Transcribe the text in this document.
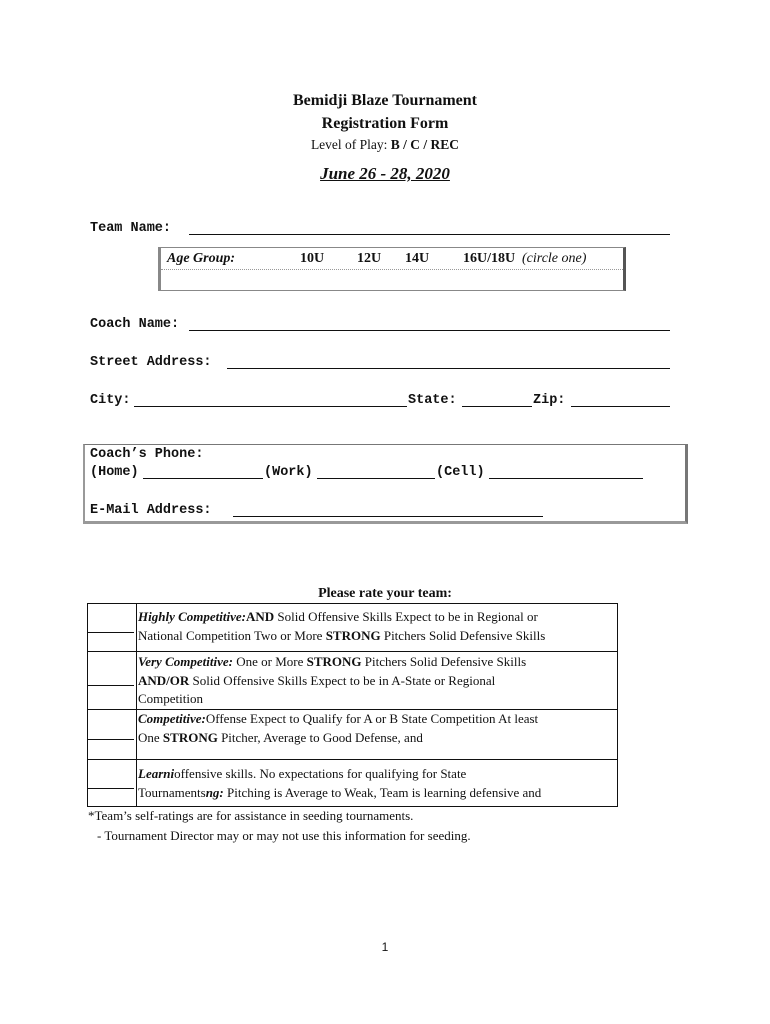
Bemidji Blaze Tournament
Registration Form
Level of Play: B / C / REC
June 26 - 28, 2020
Team Name:
Age Group:	10U 12U 14U 16U/18U (circle one)
Coach Name:
Street Address:
City:	State:	Zip:
Coach’s Phone:
(Home)	(Work)	(Cell)
E-Mail Address:
Please rate your team:
Highly Competitive:AND Solid Offensive Skills Expect to be in Regional or
National Competition Two or More STRONG Pitchers Solid Defensive Skills
Very Competitive: One or More STRONG Pitchers Solid Defensive Skills
AND/OR Solid Offensive Skills Expect to be in A-State or Regional
Competition
Competitive:Offense Expect to Qualify for A or B State Competition At least
One STRONG Pitcher, Average to Good Defense, and
Learnioffensive skills. No expectations for qualifying for State
Tournamentsng: Pitching is Average to Weak, Team is learning defensive and
*Team’s self-ratings are for assistance in seeding tournaments.
- Tournament Director may or may not use this information for seeding.
1
